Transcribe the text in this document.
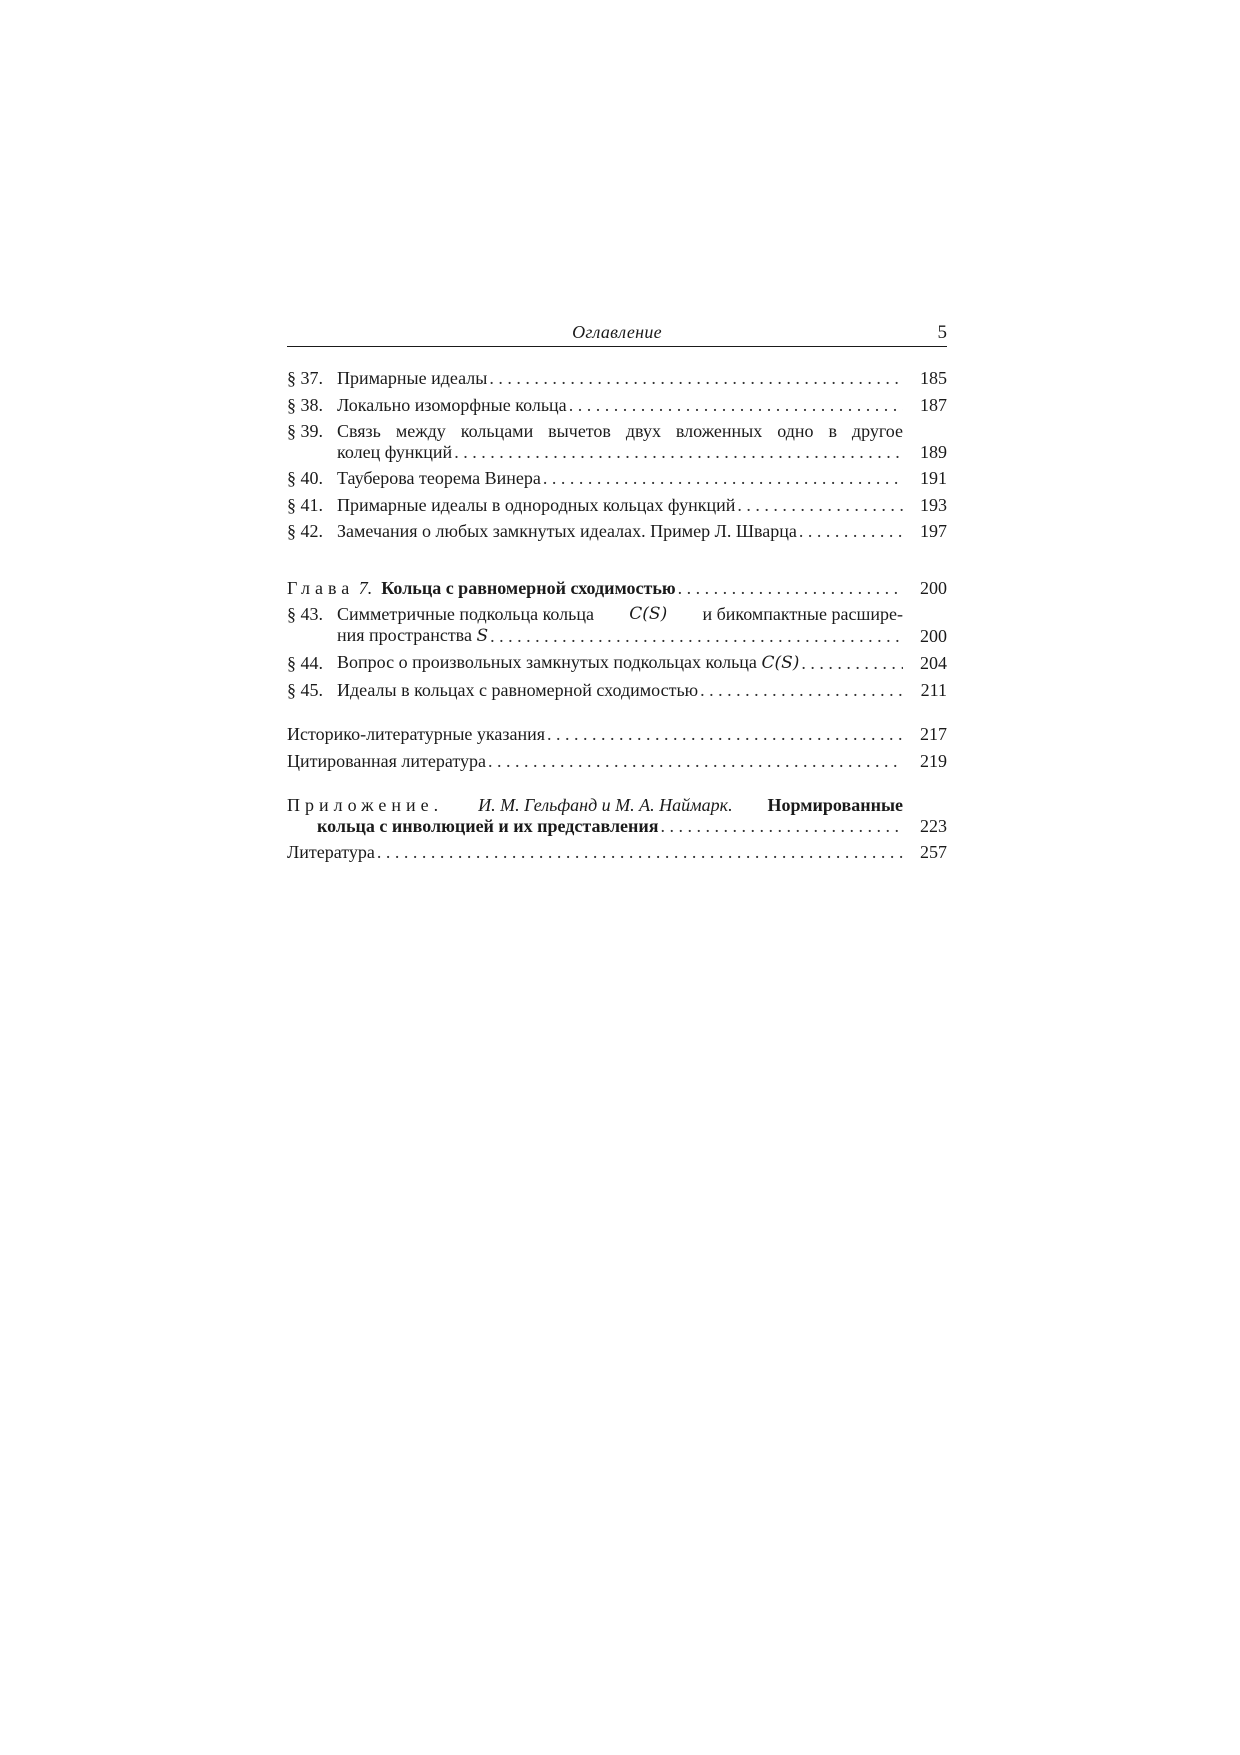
Оглавление	5
§ 37. Примарные идеалы . . .	185
§ 38. Локально изоморфные кольца . . .	187
§ 39. Связь между кольцами вычетов двух вложенных одно в другое
колец функций . . .	189
§ 40. Тауберова теорема Винера . . .	191
§ 41. Примарные идеалы в однородных кольцах функций . . .	193
§ 42. Замечания о любых замкнутых идеалах. Пример Л. Шварца . . .	197
Глава 7. Кольца с равномерной сходимостью . . .	200
§ 43. Симметричные подкольца кольца C(S) и бикомпактные расшире-
ния пространства S . . .	200
§ 44. Вопрос о произвольных замкнутых подкольцах кольца C(S) . . .	204
§ 45. Идеалы в кольцах с равномерной сходимостью . . .	211
Историко-литературные указания . . .	217
Цитированная литература . . .	219
Приложение. И. М. Гельфанд и М. А. Наймарк. Нормированные
кольца с инволюцией и их представления . . .	223
Литература . . .	257
